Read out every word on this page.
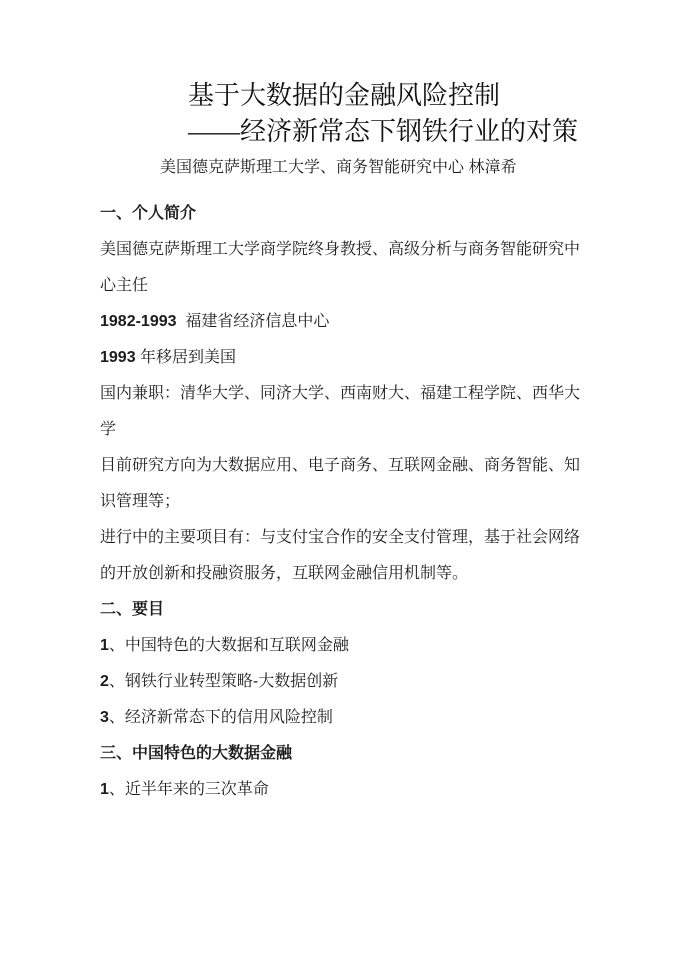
基于大数据的金融风险控制
——经济新常态下钢铁行业的对策
美国德克萨斯理工大学、商务智能研究中心 林漳希
一、个人简介
美国德克萨斯理工大学商学院终身教授、高级分析与商务智能研究中
心主任
1982-1993  福建省经济信息中心
1993 年移居到美国
国内兼职：清华大学、同济大学、西南财大、福建工程学院、西华大
学
目前研究方向为大数据应用、电子商务、互联网金融、商务智能、知
识管理等；
进行中的主要项目有：与支付宝合作的安全支付管理，基于社会网络
的开放创新和投融资服务，互联网金融信用机制等。
二、要目
1、中国特色的大数据和互联网金融
2、钢铁行业转型策略-大数据创新
3、经济新常态下的信用风险控制
三、中国特色的大数据金融
1、近半年来的三次革命
